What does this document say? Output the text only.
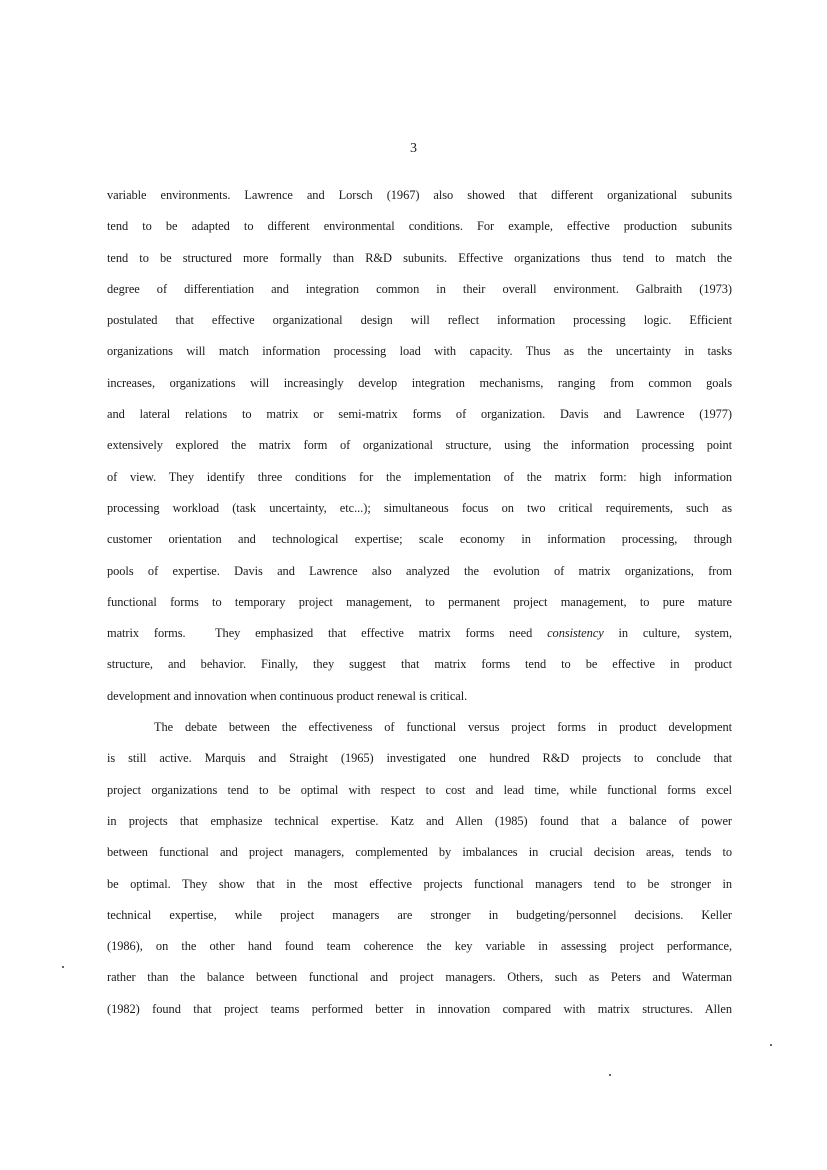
3
variable environments. Lawrence and Lorsch (1967) also showed that different organizational subunits
tend to be adapted to different environmental conditions. For example, effective production subunits
tend to be structured more formally than R&D subunits. Effective organizations thus tend to match the
degree of differentiation and integration common in their overall environment. Galbraith (1973)
postulated that effective organizational design will reflect information processing logic. Efficient
organizations will match information processing load with capacity. Thus as the uncertainty in tasks
increases, organizations will increasingly develop integration mechanisms, ranging from common goals
and lateral relations to matrix or semi-matrix forms of organization. Davis and Lawrence (1977)
extensively explored the matrix form of organizational structure, using the information processing point
of view. They identify three conditions for the implementation of the matrix form: high information
processing workload (task uncertainty, etc...); simultaneous focus on two critical requirements, such as
customer orientation and technological expertise; scale economy in information processing, through
pools of expertise. Davis and Lawrence also analyzed the evolution of matrix organizations, from
functional forms to temporary project management, to permanent project management, to pure mature
matrix forms.  They emphasized that effective matrix forms need consistency in culture, system,
structure, and behavior. Finally, they suggest that matrix forms tend to be effective in product
development and innovation when continuous product renewal is critical.
The debate between the effectiveness of functional versus project forms in product development
is still active. Marquis and Straight (1965) investigated one hundred R&D projects to conclude that
project organizations tend to be optimal with respect to cost and lead time, while functional forms excel
in projects that emphasize technical expertise. Katz and Allen (1985) found that a balance of power
between functional and project managers, complemented by imbalances in crucial decision areas, tends to
be optimal. They show that in the most effective projects functional managers tend to be stronger in
technical expertise, while project managers are stronger in budgeting/personnel decisions. Keller
(1986), on the other hand found team coherence the key variable in assessing project performance,
rather than the balance between functional and project managers. Others, such as Peters and Waterman
(1982) found that project teams performed better in innovation compared with matrix structures. Allen
